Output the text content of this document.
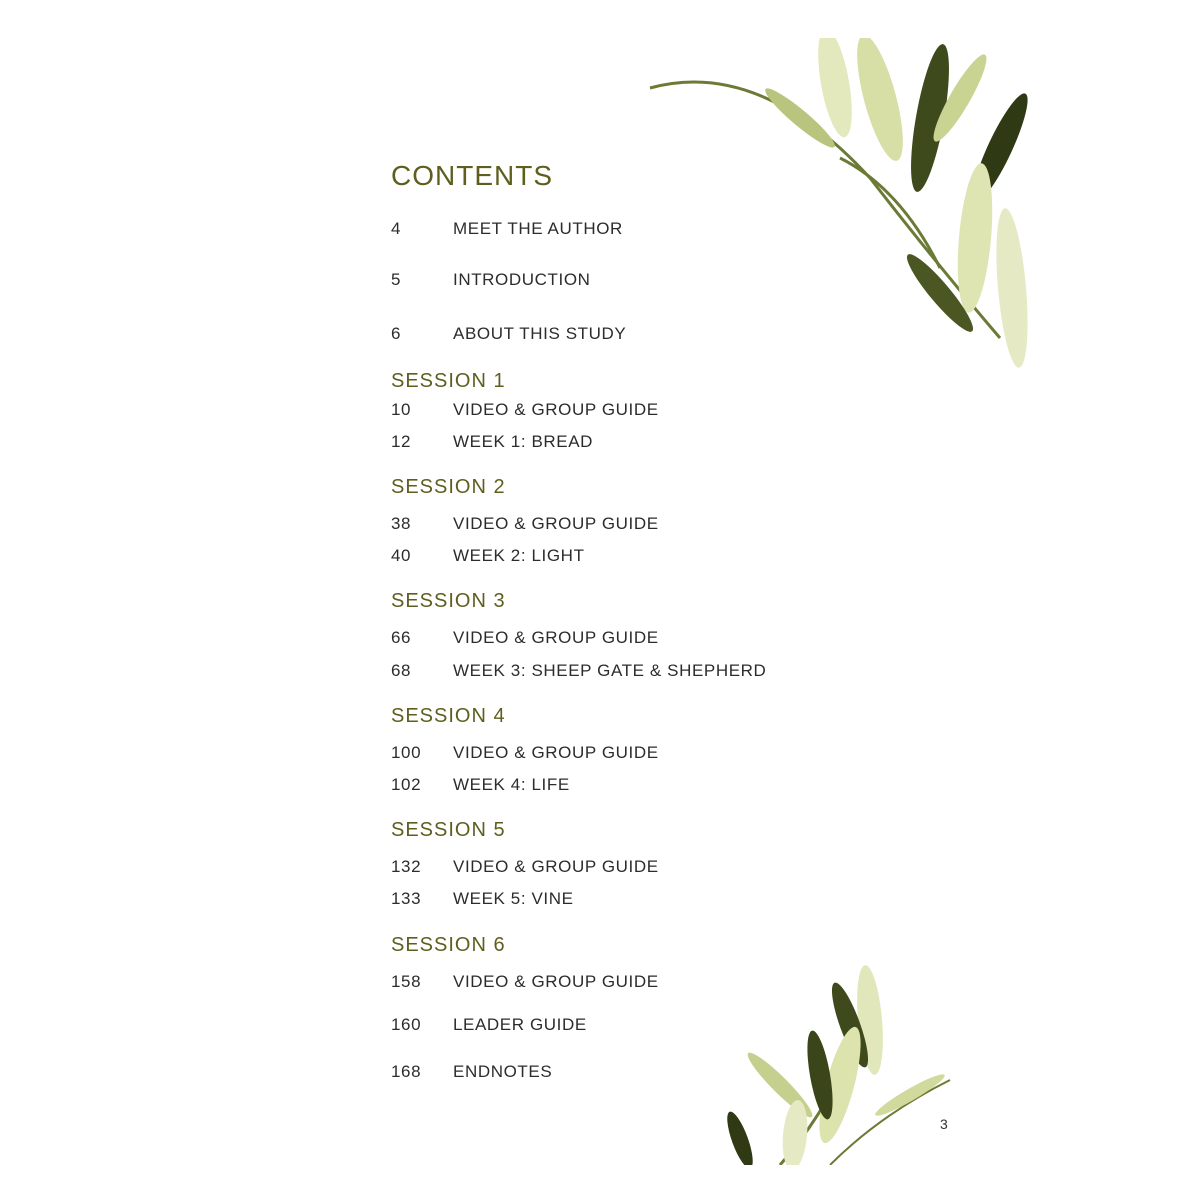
CONTENTS
4	MEET THE AUTHOR
5	INTRODUCTION
6	ABOUT THIS STUDY
SESSION 1
10 VIDEO & GROUP GUIDE
12 WEEK 1: BREAD
SESSION 2
38 VIDEO & GROUP GUIDE
40 WEEK 2: LIGHT
SESSION 3
66 VIDEO & GROUP GUIDE
68 WEEK 3: SHEEP GATE & SHEPHERD
SESSION 4
100 VIDEO & GROUP GUIDE
102 WEEK 4: LIFE
SESSION 5
132 VIDEO & GROUP GUIDE
133 WEEK 5: VINE
SESSION 6
158 VIDEO & GROUP GUIDE
160 LEADER GUIDE
168 ENDNOTES
3
